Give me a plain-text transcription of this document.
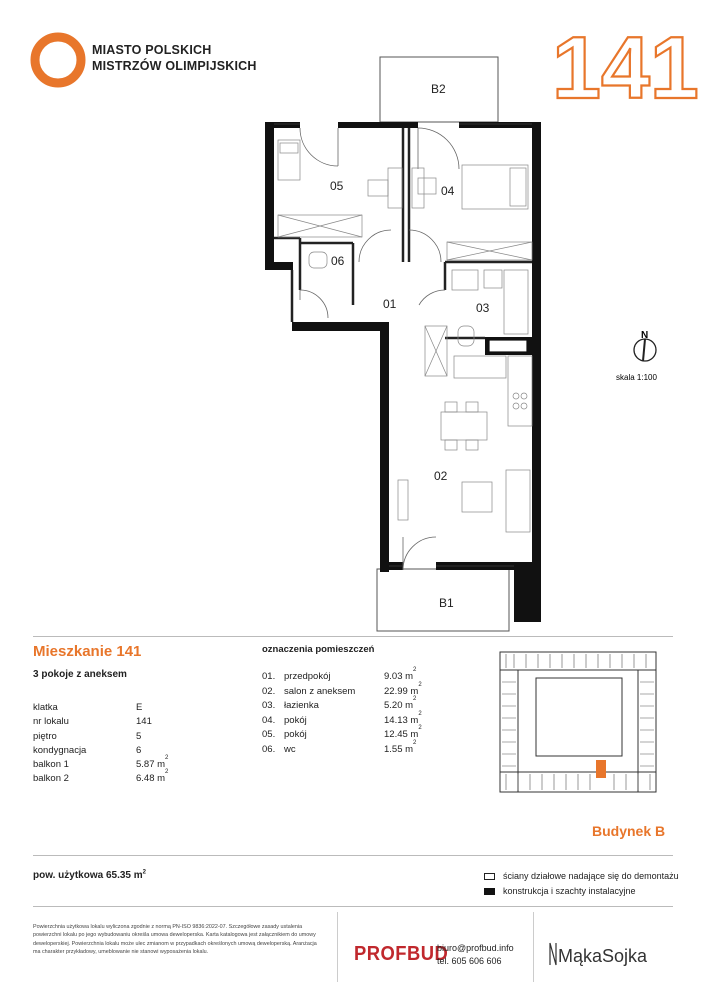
MIASTO POLSKICH
MISTRZÓW OLIMPIJSKICH	141
B2
05	04
06
01	03
02
B1
N
skala 1:100
Mieszkanie 141
3 pokoje z aneksem
klatka	E
nr lokalu	141
piętro	5
kondygnacja	6
balkon 1	5.87 m
2
balkon 2	6.48 m
2
oznaczenia pomieszczeń
01. przedpokój	9.03 m
2
02. salon z aneksem	22.99 m
2
03. łazienka	5.20 m
2
04. pokój	14.13 m
2
05. pokój	12.45 m
2
06. wc	1.55 m
2
Budynek B
pow. użytkowa 65.35 $m^2$	ściany działowe nadające się do demontażu
konstrukcja i szachty instalacyjne
Powierzchnia użytkowa lokalu wyliczona zgodnie z normą PN-ISO 9836:2022-07. Szczegółowe zasady ustalenia powierzchni lokalu po jego wybudowaniu określa umowa deweloperska. Karta katalogowa jest załącznikiem do umowy deweloperskiej. Powierzchnia lokalu może ulec zmianom w przypadkach określonych umową deweloperską. Aranżacja ma charakter przykładowy, umeblowanie nie stanowi wyposażenia lokalu.	PROFBUD
biuro@profbud.info
tel. 605 606 606	MąkaSojka
